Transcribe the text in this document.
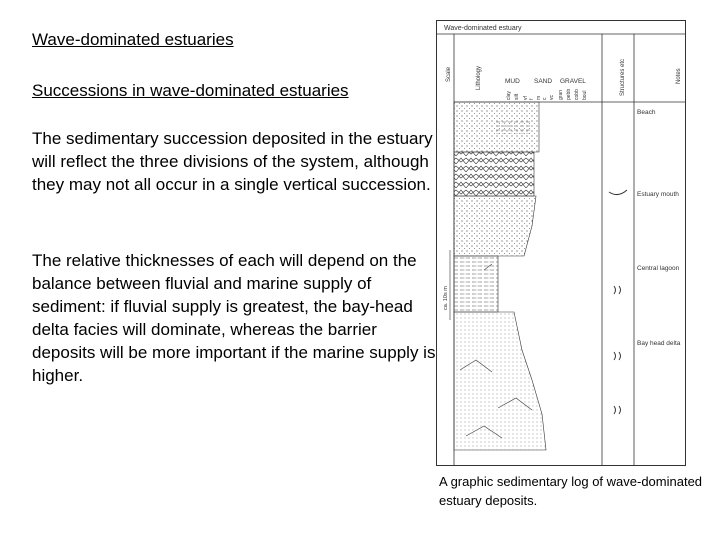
Wave-dominated estuaries
Successions in wave-dominated estuaries

The sedimentary succession deposited in the estuary will reflect the three divisions of the system, although they may not all occur in a single vertical succession.

The relative thicknesses of each will depend on the balance between fluvial and marine supply of sediment: if fluvial supply is greatest, the bay-head delta facies will dominate, whereas the barrier deposits will be more important if the marine supply is higher.

Wave-dominated estuary
Scale	Lithology	Structures etc	Notes
MUD SAND GRAVEL
clay silt vf f m c vc gran pebb cobb boul
ca. 10s m
Beach
Estuary mouth
Central lagoon
Bay head delta

A graphic sedimentary log of wave-dominated estuary deposits.
